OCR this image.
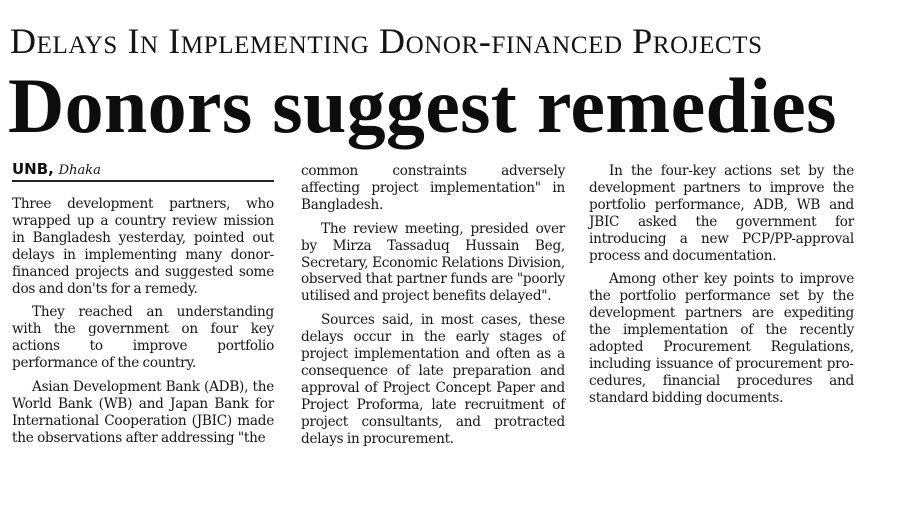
Delays In Implementing Donor-financed Projects
Donors suggest remedies
UNB, Dhaka

Three development partners, who wrapped up a country review mission in Bangladesh yesterday, pointed out delays in implementing many donor-financed projects and suggested some dos and don'ts for a remedy.

They reached an understanding with the government on four key actions to improve portfolio performance of the country.

Asian Development Bank (ADB), the World Bank (WB) and Japan Bank for International Cooperation (JBIC) made the observations after addressing "the

common constraints adversely affecting project implementation" in Bangladesh.

The review meeting, presided over by Mirza Tassaduq Hussain Beg, Secretary, Economic Relations Division, observed that partner funds are "poorly utilised and project benefits delayed".

Sources said, in most cases, these delays occur in the early stages of project implementation and often as a consequence of late preparation and approval of Project Concept Paper and Project Proforma, late recruitment of project consultants, and protracted delays in procurement.

In the four-key actions set by the development partners to improve the portfolio performance, ADB, WB and JBIC asked the government for introducing a new PCP/PP-approval process and documentation.

Among other key points to improve the portfolio performance set by the development partners are expediting the implementation of the recently adopted Procurement Regulations, including issuance of procurement procedures, financial procedures and standard bidding documents.
